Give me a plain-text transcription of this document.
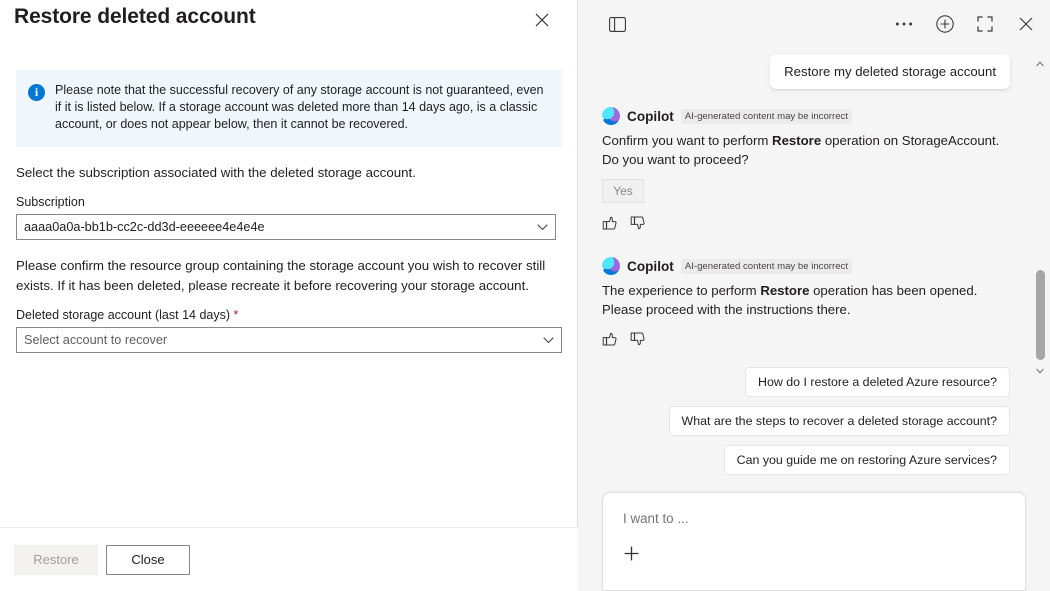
Restore deleted account
i	Please note that the successful recovery of any storage account is not guaranteed, even if it is listed below. If a storage account was deleted more than 14 days ago, is a classic account, or does not appear below, then it cannot be recovered.

Select the subscription associated with the deleted storage account.

Subscription
aaaa0a0a-bb1b-cc2c-dd3d-eeeeee4e4e4e

Please confirm the resource group containing the storage account you wish to recover still exists. If it has been deleted, please recreate it before recovering your storage account.

Deleted storage account (last 14 days) *
Select account to recover
Restore	Close
Restore my deleted storage account
Copilot	AI-generated content may be incorrect

Confirm you want to perform Restore operation on StorageAccount. Do you want to proceed?

Yes
Copilot	AI-generated content may be incorrect

The experience to perform Restore operation has been opened. Please proceed with the instructions there.

How do I restore a deleted Azure resource?
What are the steps to recover a deleted storage account?
Can you guide me on restoring Azure services?
I want to ...
